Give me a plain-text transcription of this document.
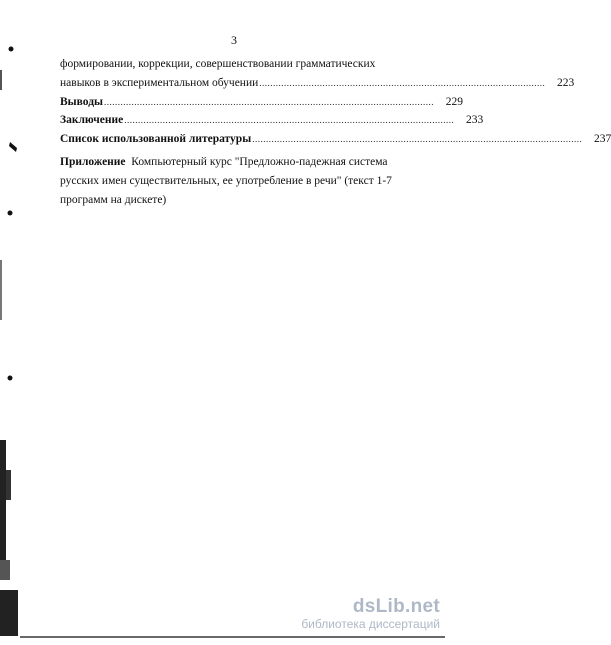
3
формировании, коррекции, совершенствовании грамматических
навыков в экспериментальном обучении ........................................................................................................	223
Выводы ........................................................................................................................	229
Заключение ........................................................................................................................	233
Список использованной литературы ........................................................................................................................	237
Приложение Компьютерный курс "Предложно-падежная система русских имен существительных, ее употребление в речи" (текст 1-7 программ на дискете)
dsLib.net
библиотека диссертаций
